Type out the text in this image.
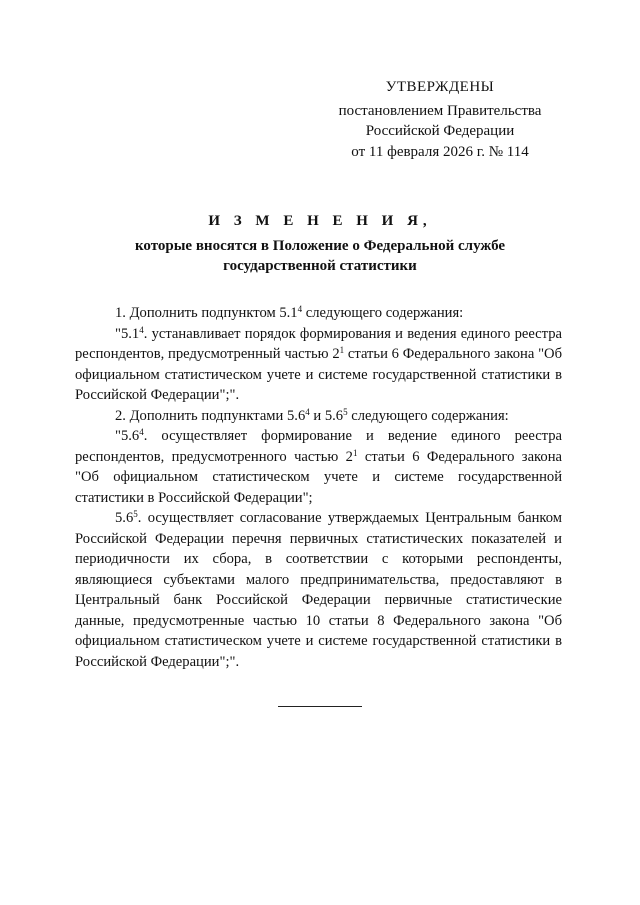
УТВЕРЖДЕНЫ
постановлением Правительства
Российской Федерации
от 11 февраля 2026 г. № 114
И З М Е Н Е Н И Я,
которые вносятся в Положение о Федеральной службе государственной статистики

1. Дополнить подпунктом $5.1^4$ следующего содержания:

"$5.1^4$. устанавливает порядок формирования и ведения единого реестра респондентов, предусмотренный частью $2^1$ статьи 6 Федерального закона "Об официальном статистическом учете и системе государственной статистики в Российской Федерации";".

2. Дополнить подпунктами $5.6^4$ и $5.6^5$ следующего содержания:

"$5.6^4$. осуществляет формирование и ведение единого реестра респондентов, предусмотренного частью $2^1$ статьи 6 Федерального закона "Об официальном статистическом учете и системе государственной статистики в Российской Федерации";

$5.6^5$. осуществляет согласование утверждаемых Центральным банком Российской Федерации перечня первичных статистических показателей и периодичности их сбора, в соответствии с которыми респонденты, являющиеся субъектами малого предпринимательства, предоставляют в Центральный банк Российской Федерации первичные статистические данные, предусмотренные частью 10 статьи 8 Федерального закона "Об официальном статистическом учете и системе государственной статистики в Российской Федерации";".
